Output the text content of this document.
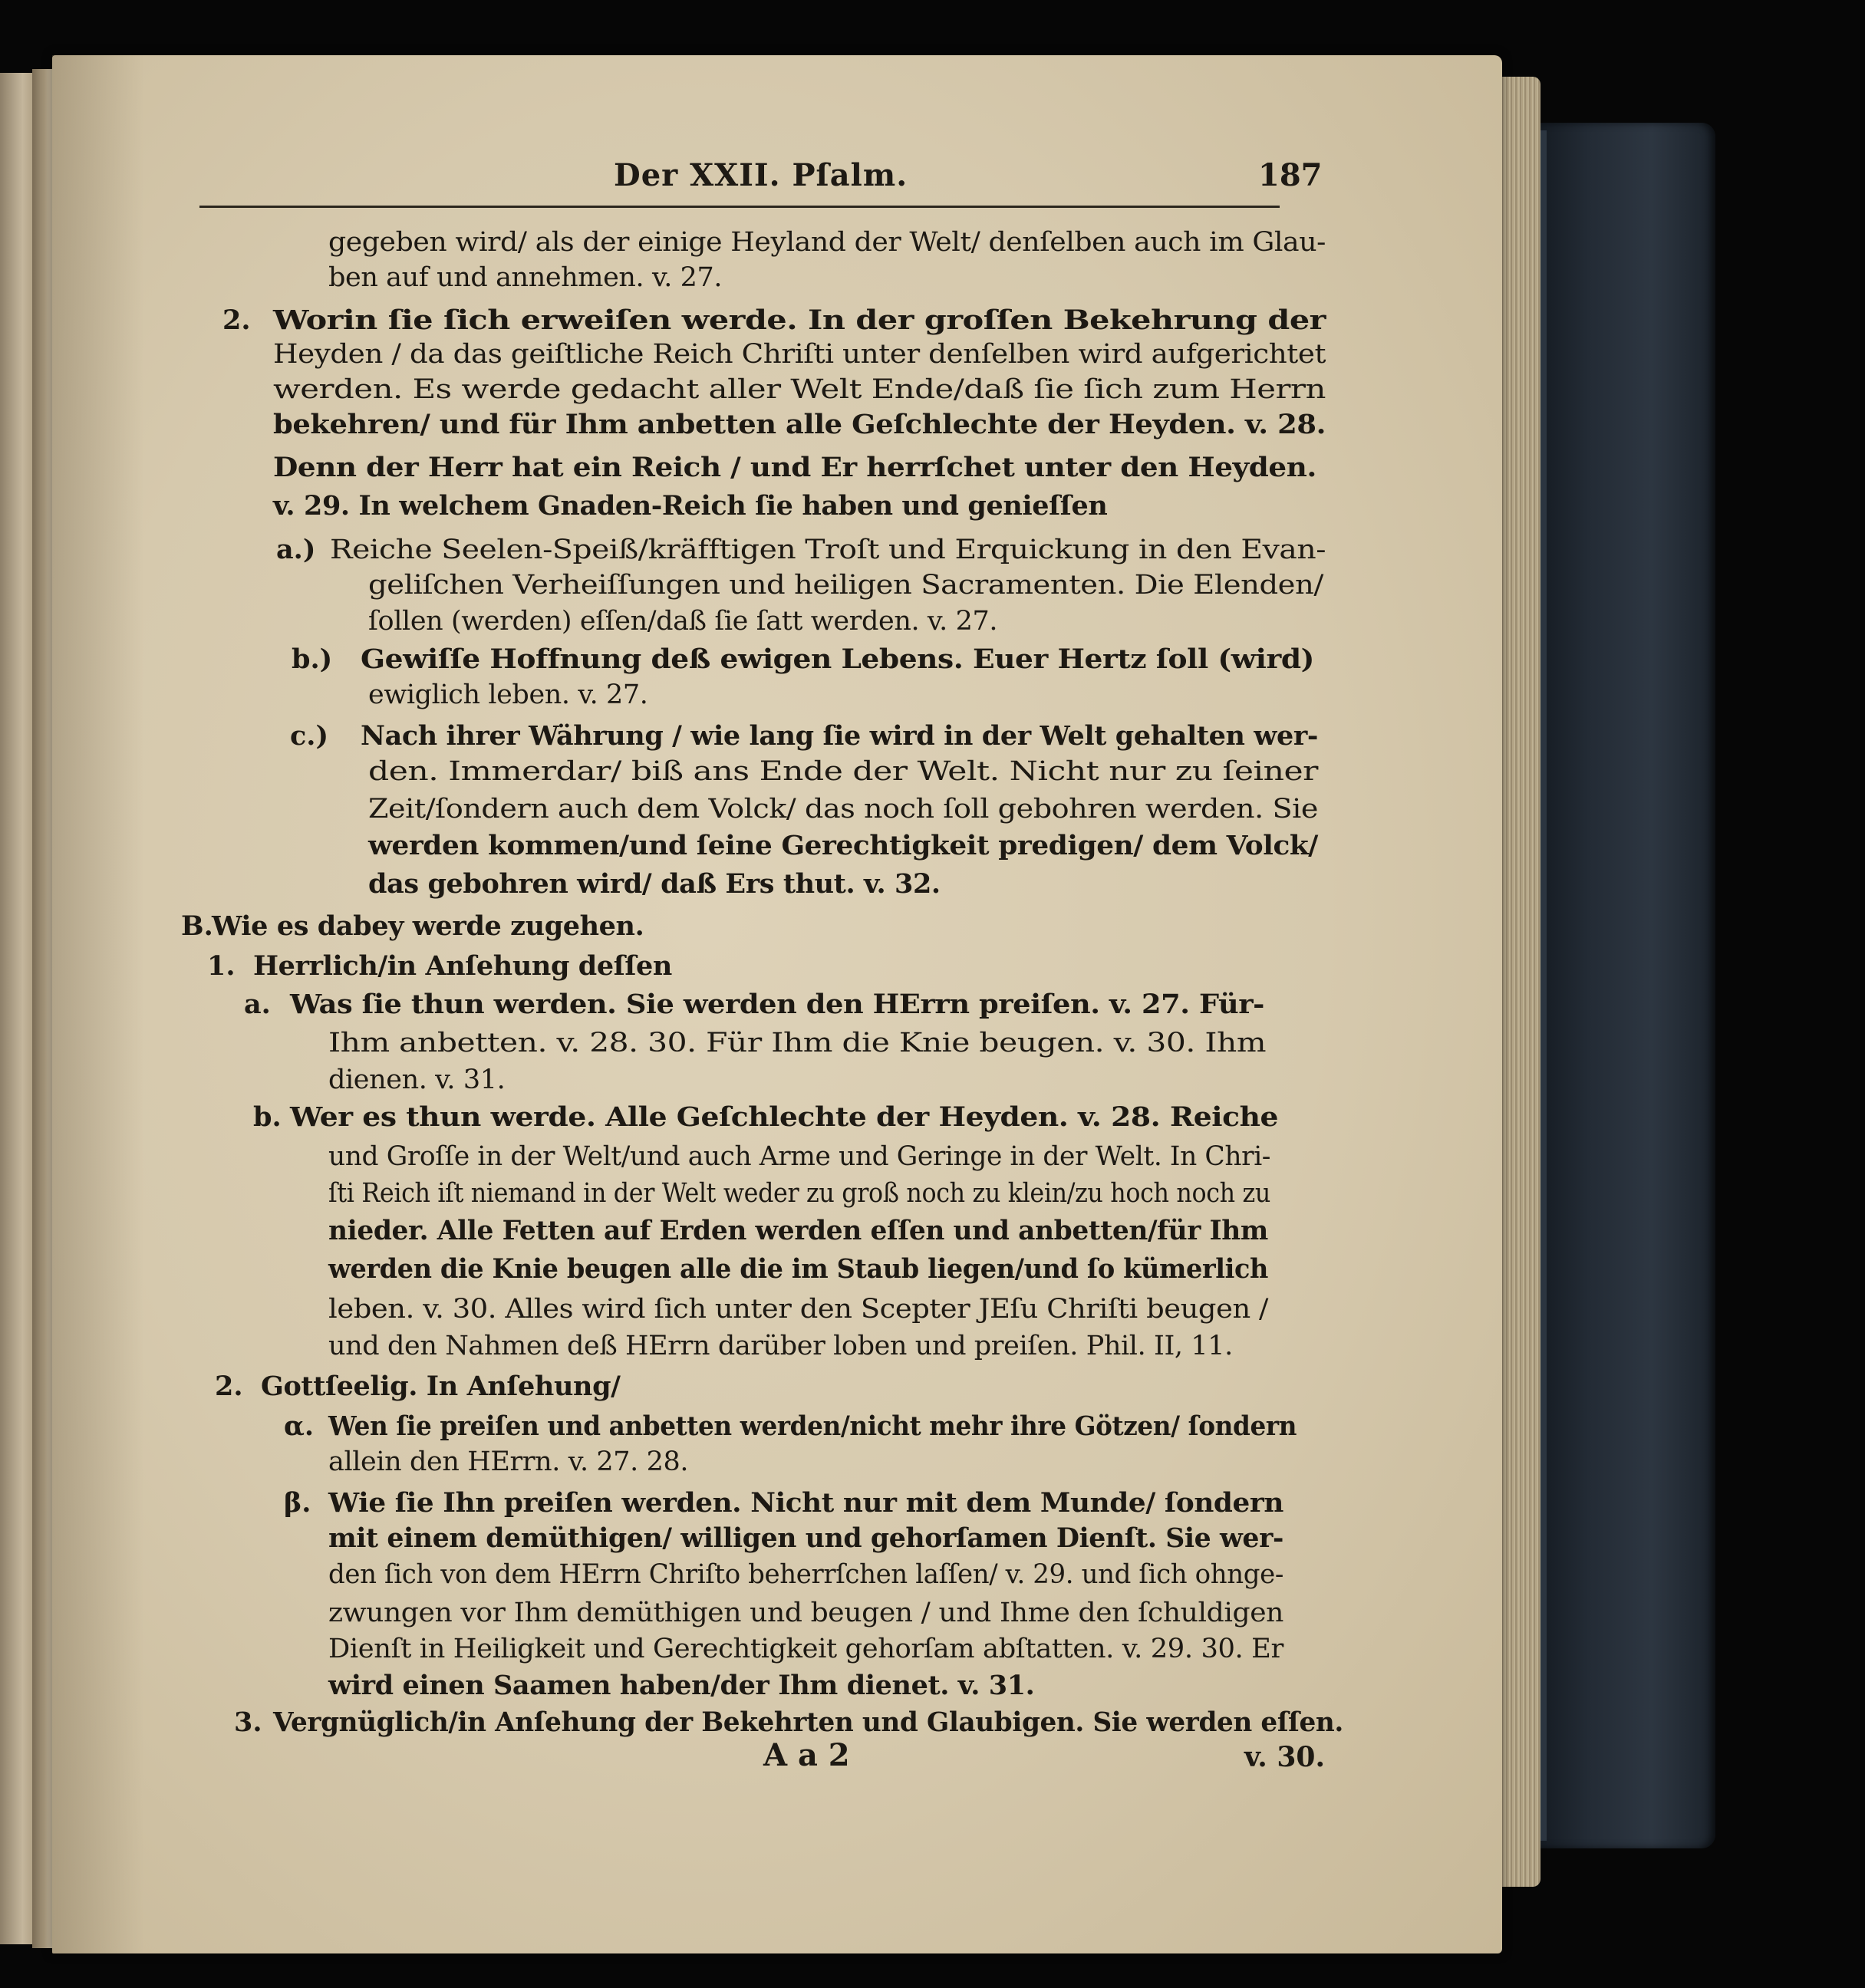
Der XXII. Pſalm.	187
gegeben wird/ als der einige Heyland der Welt/ denſelben auch im Glau-
ben auf und annehmen. v. 27.
2. Worin ſie ſich erweiſen werde. In der groſſen Bekehrung der
Heyden / da das geiſtliche Reich Chriſti unter denſelben wird aufgerichtet
werden. Es werde gedacht aller Welt Ende/daß ſie ſich zum Herrn
bekehren/ und für Ihm anbetten alle Geſchlechte der Heyden. v. 28.
Denn der Herr hat ein Reich / und Er herrſchet unter den Heyden.
v. 29. In welchem Gnaden-Reich ſie haben und genieſſen
a.) Reiche Seelen-Speiß/kräfftigen Troſt und Erquickung in den Evan-
geliſchen Verheiſſungen und heiligen Sacramenten. Die Elenden/
ſollen (werden) eſſen/daß ſie ſatt werden. v. 27.
b.) Gewiſſe Hoffnung deß ewigen Lebens. Euer Hertz ſoll (wird)
ewiglich leben. v. 27.
c.) Nach ihrer Währung / wie lang ſie wird in der Welt gehalten wer-
den. Immerdar/ biß ans Ende der Welt. Nicht nur zu ſeiner
Zeit/ſondern auch dem Volck/ das noch ſoll gebohren werden. Sie
werden kommen/und ſeine Gerechtigkeit predigen/ dem Volck/
das gebohren wird/ daß Ers thut. v. 32.
B.
Wie es dabey werde zugehen.
1. Herrlich/in Anſehung deſſen
a. Was ſie thun werden. Sie werden den HErrn preiſen. v. 27. Für-
Ihm anbetten. v. 28. 30. Für Ihm die Knie beugen. v. 30. Ihm
dienen. v. 31.
b. Wer es thun werde. Alle Geſchlechte der Heyden. v. 28. Reiche
und Groſſe in der Welt/und auch Arme und Geringe in der Welt. In Chri-
ſti Reich iſt niemand in der Welt weder zu groß noch zu klein/zu hoch noch zu
nieder. Alle Fetten auf Erden werden eſſen und anbetten/für Ihm
werden die Knie beugen alle die im Staub liegen/und ſo kümerlich
leben. v. 30. Alles wird ſich unter den Scepter JEſu Chriſti beugen /
und den Nahmen deß HErrn darüber loben und preiſen. Phil. II, 11.
2. Gottſeelig. In Anſehung/
α. Wen ſie preiſen und anbetten werden/nicht mehr ihre Götzen/ ſondern
allein den HErrn. v. 27. 28.
β. Wie ſie Ihn preiſen werden. Nicht nur mit dem Munde/ ſondern
mit einem demüthigen/ willigen und gehorſamen Dienſt. Sie wer-
den ſich von dem HErrn Chriſto beherrſchen laſſen/ v. 29. und ſich ohnge-
zwungen vor Ihm demüthigen und beugen / und Ihme den ſchuldigen
Dienſt in Heiligkeit und Gerechtigkeit gehorſam abſtatten. v. 29. 30. Er
wird einen Saamen haben/der Ihm dienet. v. 31.
3. Vergnüglich/in Anſehung der Bekehrten und Glaubigen. Sie werden eſſen.
A a 2	v. 30.
